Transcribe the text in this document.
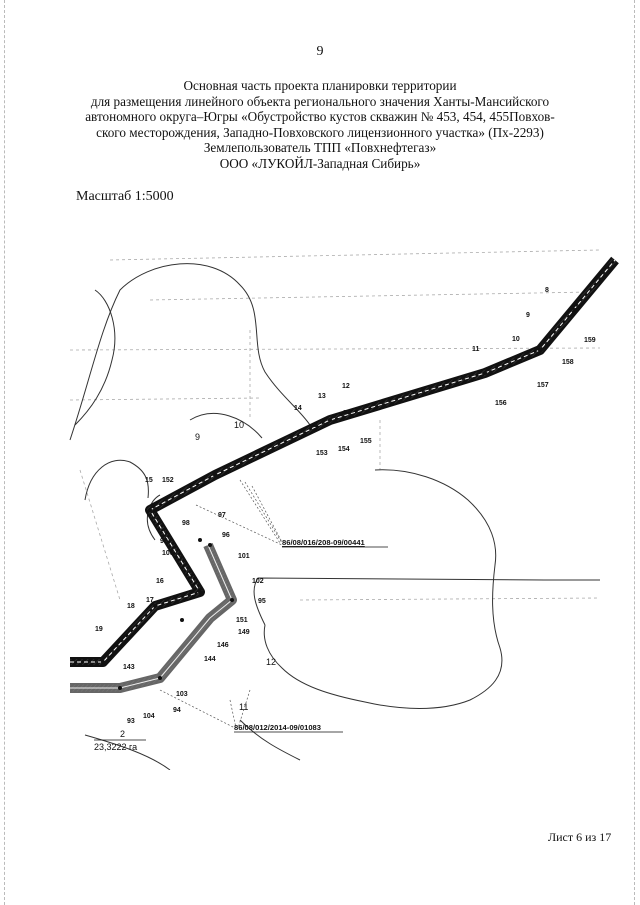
9
Основная часть проекта планировки территории
для размещения линейного объекта регионального значения Ханты-Мансийского
автономного округа–Югры «Обустройство кустов скважин № 453, 454, 455Повхов-
ского месторождения, Западно-Повховского лицензионного участка» (Пх-2293)
Землепользователь ТПП «Повхнефтегаз»
ООО «ЛУКОЙЛ-Западная Сибирь»
Масштаб 1:5000
8
9
10
11
12
13
14
159
158
157
156
155
154
153
9
10
15 152
97
98
96
99
100	101
102
95
16
17
18
151
149
146
144	12
19
143
103
94
104
93
11
86/08/016/208-09/00441
86/08/012/2014-09/01083
2
23,3222 га
Лист 6 из 17
